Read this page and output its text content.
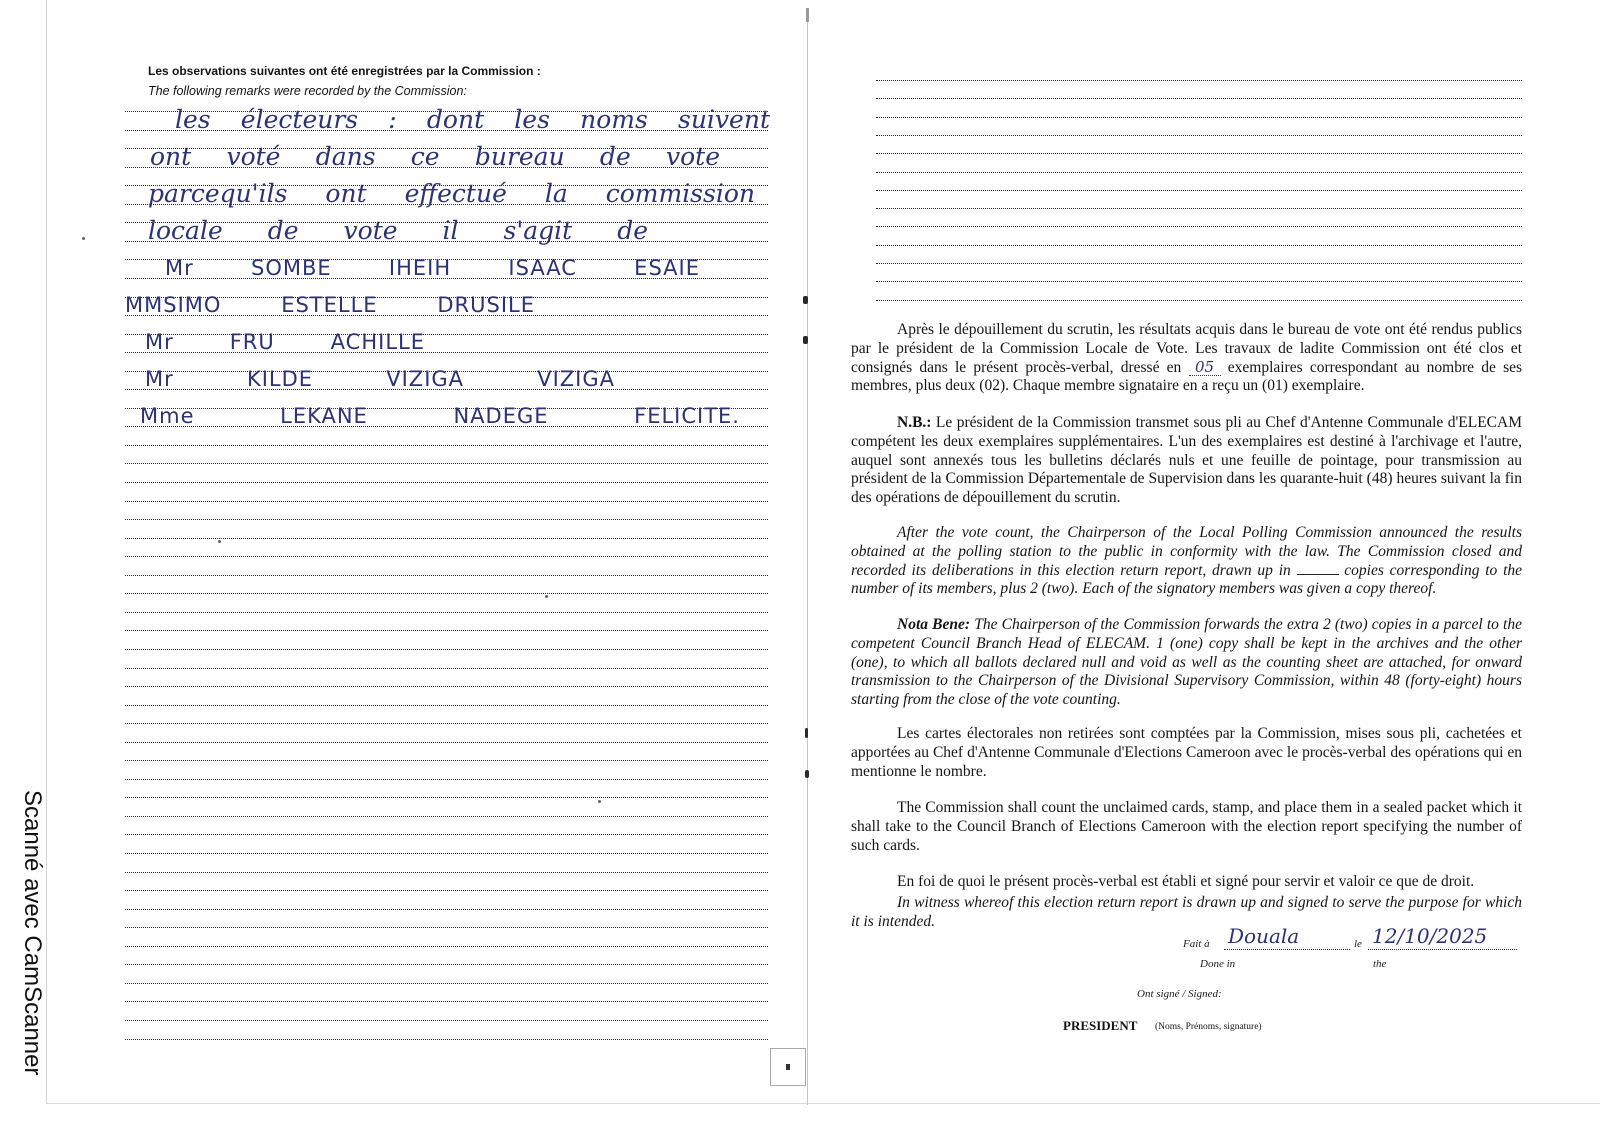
Scanné avec CamScanner
Les observations suivantes ont été enregistrées par la Commission :
The following remarks were recorded by the Commission:
les électeurs : dont les noms suivent
ont voté dans ce bureau de vote
parcequ'ils ont effectué la commission
locale de vote il s'agit de
Mr SOMBE IHEIH ISAAC ESAIE
MMSIMO ESTELLE DRUSILE
Mr FRU ACHILLE
Mr KILDE VIZIGA VIZIGA
Mme LEKANE NADEGE FELICITE.

Après le dépouillement du scrutin, les résultats acquis dans le bureau de vote ont été rendus publics par le président de la Commission Locale de Vote. Les travaux de ladite Commission ont été clos et consignés dans le présent procès-verbal, dressé en 05 exemplaires correspondant au nombre de ses membres, plus deux (02). Chaque membre signataire en a reçu un (01) exemplaire.

N.B.: Le président de la Commission transmet sous pli au Chef d'Antenne Communale d'ELECAM compétent les deux exemplaires supplémentaires. L'un des exemplaires est destiné à l'archivage et l'autre, auquel sont annexés tous les bulletins déclarés nuls et une feuille de pointage, pour transmission au président de la Commission Départementale de Supervision dans les quarante-huit (48) heures suivant la fin des opérations de dépouillement du scrutin.

After the vote count, the Chairperson of the Local Polling Commission announced the results obtained at the polling station to the public in conformity with the law. The Commission closed and recorded its deliberations in this election return report, drawn up in	copies corresponding to the number of its members, plus 2 (two). Each of the signatory members was given a copy thereof.

Nota Bene: The Chairperson of the Commission forwards the extra 2 (two) copies in a parcel to the competent Council Branch Head of ELECAM. 1 (one) copy shall be kept in the archives and the other (one), to which all ballots declared null and void as well as the counting sheet are attached, for onward transmission to the Chairperson of the Divisional Supervisory Commission, within 48 (forty-eight) hours starting from the close of the vote counting.

Les cartes électorales non retirées sont comptées par la Commission, mises sous pli, cachetées et apportées au Chef d'Antenne Communale d'Elections Cameroon avec le procès-verbal des opérations qui en mentionne le nombre.

The Commission shall count the unclaimed cards, stamp, and place them in a sealed packet which it shall take to the Council Branch of Elections Cameroon with the election report specifying the number of such cards.

En foi de quoi le présent procès-verbal est établi et signé pour servir et valoir ce que de droit.

In witness whereof this election return report is drawn up and signed to serve the purpose for which it is intended.

Fait à Douala	le 12/10/2025
Done in	the
Ont signé / Signed:
PRESIDENT (Noms, Prénoms, signature)
